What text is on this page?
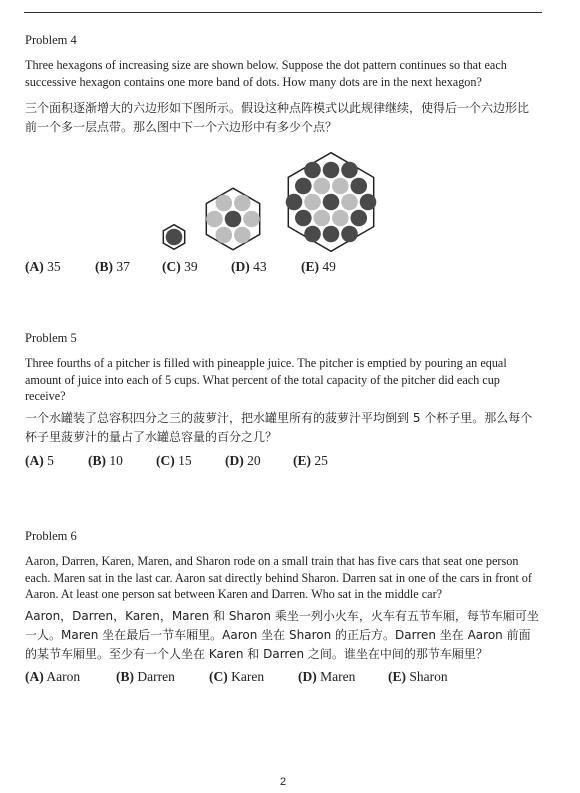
Problem 4

Three hexagons of increasing size are shown below. Suppose the dot pattern continues so that each successive hexagon contains one more band of dots. How many dots are in the next hexagon?

三个面积逐渐增大的六边形如下图所示。假设这种点阵模式以此规律继续，使得后一个六边形比前一个多一层点带。那么图中下一个六边形中有多少个点？

(A) 35	(B) 37 (C) 39 (D) 43	(E) 49

Problem 5

Three fourths of a pitcher is filled with pineapple juice. The pitcher is emptied by pouring an equal amount of juice into each of 5 cups. What percent of the total capacity of the pitcher did each cup receive?

一个水罐装了总容积四分之三的菠萝汁，把水罐里所有的菠萝汁平均倒到 5 个杯子里。那么每个杯子里菠萝汁的量占了水罐总容量的百分之几？

(A) 5	(B) 10 (C) 15 (D) 20 (E) 25

Problem 6

Aaron, Darren, Karen, Maren, and Sharon rode on a small train that has five cars that seat one person each. Maren sat in the last car. Aaron sat directly behind Sharon. Darren sat in one of the cars in front of Aaron. At least one person sat between Karen and Darren. Who sat in the middle car?

Aaron，Darren，Karen，Maren 和 Sharon 乘坐一列小火车，火车有五节车厢，每节车厢可坐一人。Maren 坐在最后一节车厢里。Aaron 坐在 Sharon 的正后方。Darren 坐在 Aaron 前面的某节车厢里。至少有一个人坐在 Karen 和 Darren 之间。谁坐在中间的那节车厢里？

(A) Aaron	(B) Darren	(C) Karen	(D) Maren (E) Sharon
2
